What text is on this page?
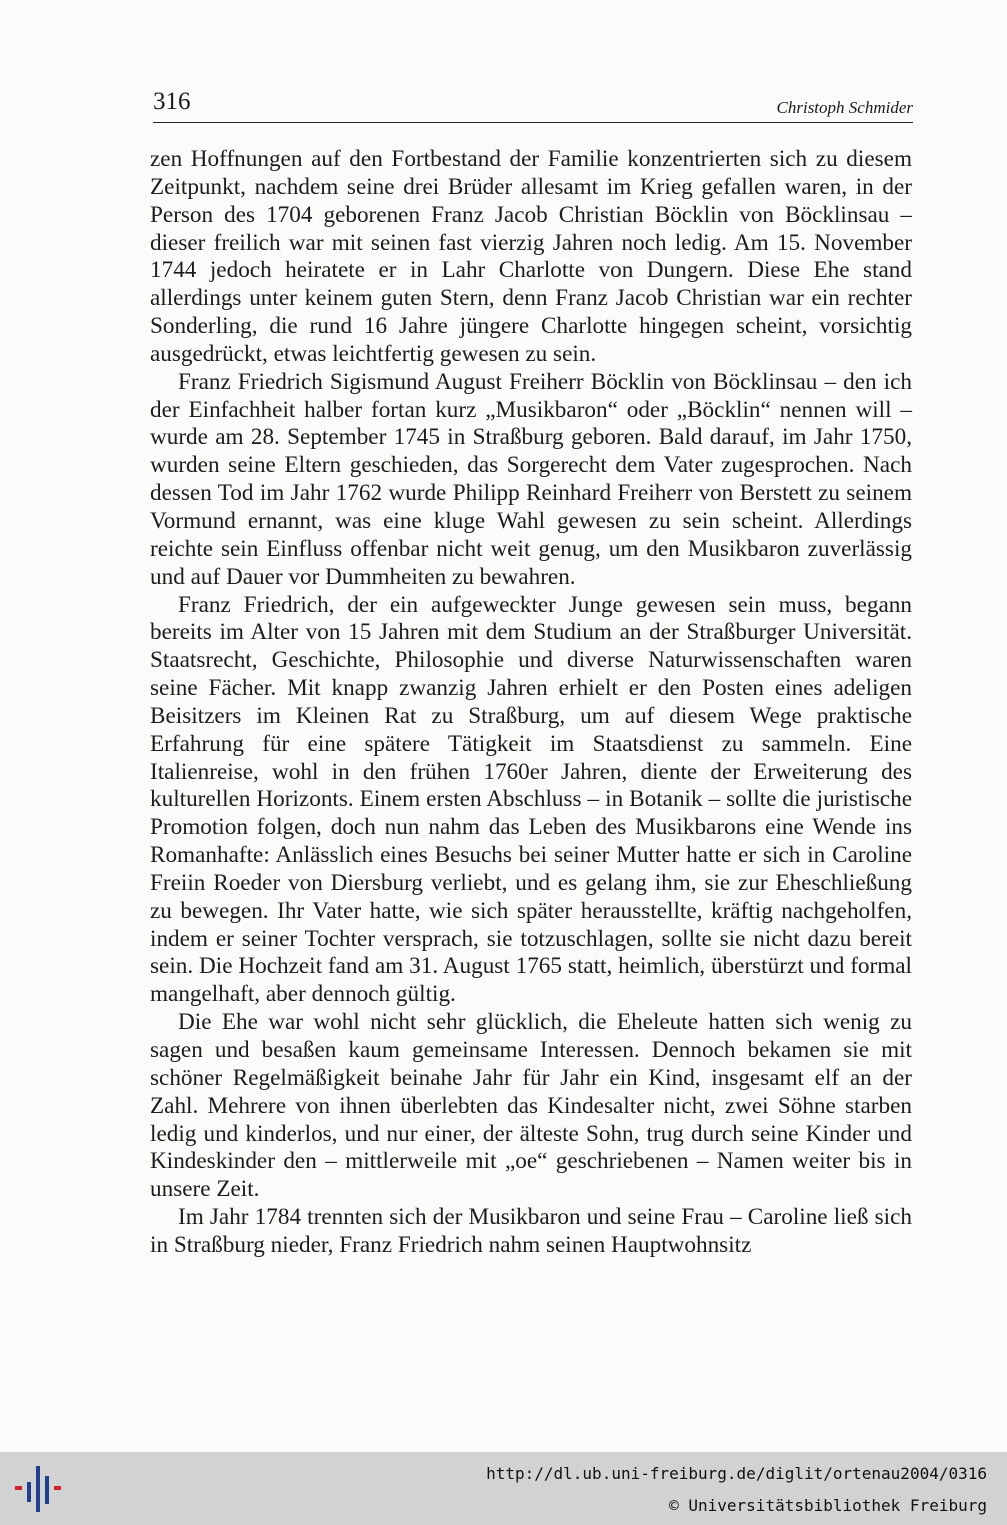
316	Christoph Schmider

zen Hoffnungen auf den Fortbestand der Familie konzentrierten sich zu diesem Zeitpunkt, nachdem seine drei Brüder allesamt im Krieg gefallen waren, in der Person des 1704 geborenen Franz Jacob Christian Böcklin von Böcklinsau – dieser freilich war mit seinen fast vierzig Jahren noch ledig. Am 15. November 1744 jedoch heiratete er in Lahr Charlotte von Dungern. Diese Ehe stand allerdings unter keinem guten Stern, denn Franz Jacob Christian war ein rechter Sonderling, die rund 16 Jahre jüngere Charlotte hingegen scheint, vorsichtig ausgedrückt, etwas leichtfertig gewesen zu sein.

Franz Friedrich Sigismund August Freiherr Böcklin von Böcklinsau – den ich der Einfachheit halber fortan kurz „Musikbaron“ oder „Böcklin“ nennen will – wurde am 28. September 1745 in Straßburg geboren. Bald darauf, im Jahr 1750, wurden seine Eltern geschieden, das Sorgerecht dem Vater zugesprochen. Nach dessen Tod im Jahr 1762 wurde Philipp Reinhard Freiherr von Berstett zu seinem Vormund ernannt, was eine kluge Wahl gewesen zu sein scheint. Allerdings reichte sein Einfluss offenbar nicht weit genug, um den Musikbaron zuverlässig und auf Dauer vor Dummheiten zu bewahren.

Franz Friedrich, der ein aufgeweckter Junge gewesen sein muss, begann bereits im Alter von 15 Jahren mit dem Studium an der Straßburger Universität. Staatsrecht, Geschichte, Philosophie und diverse Naturwissenschaften waren seine Fächer. Mit knapp zwanzig Jahren erhielt er den Posten eines adeligen Beisitzers im Kleinen Rat zu Straßburg, um auf diesem Wege praktische Erfahrung für eine spätere Tätigkeit im Staatsdienst zu sammeln. Eine Italienreise, wohl in den frühen 1760er Jahren, diente der Erweiterung des kulturellen Horizonts. Einem ersten Abschluss – in Botanik – sollte die juristische Promotion folgen, doch nun nahm das Leben des Musikbarons eine Wende ins Romanhafte: Anlässlich eines Besuchs bei seiner Mutter hatte er sich in Caroline Freiin Roeder von Diersburg verliebt, und es gelang ihm, sie zur Eheschließung zu bewegen. Ihr Vater hatte, wie sich später herausstellte, kräftig nachgeholfen, indem er seiner Tochter versprach, sie totzuschlagen, sollte sie nicht dazu bereit sein. Die Hochzeit fand am 31. August 1765 statt, heimlich, überstürzt und formal mangelhaft, aber dennoch gültig.

Die Ehe war wohl nicht sehr glücklich, die Eheleute hatten sich wenig zu sagen und besaßen kaum gemeinsame Interessen. Dennoch bekamen sie mit schöner Regelmäßigkeit beinahe Jahr für Jahr ein Kind, insgesamt elf an der Zahl. Mehrere von ihnen überlebten das Kindesalter nicht, zwei Söhne starben ledig und kinderlos, und nur einer, der älteste Sohn, trug durch seine Kinder und Kindeskinder den – mittlerweile mit „oe“ geschriebenen – Namen weiter bis in unsere Zeit.

Im Jahr 1784 trennten sich der Musikbaron und seine Frau – Caroline ließ sich in Straßburg nieder, Franz Friedrich nahm seinen Hauptwohnsitz

http://dl.ub.uni-freiburg.de/diglit/ortenau2004/0316
© Universitätsbibliothek Freiburg
